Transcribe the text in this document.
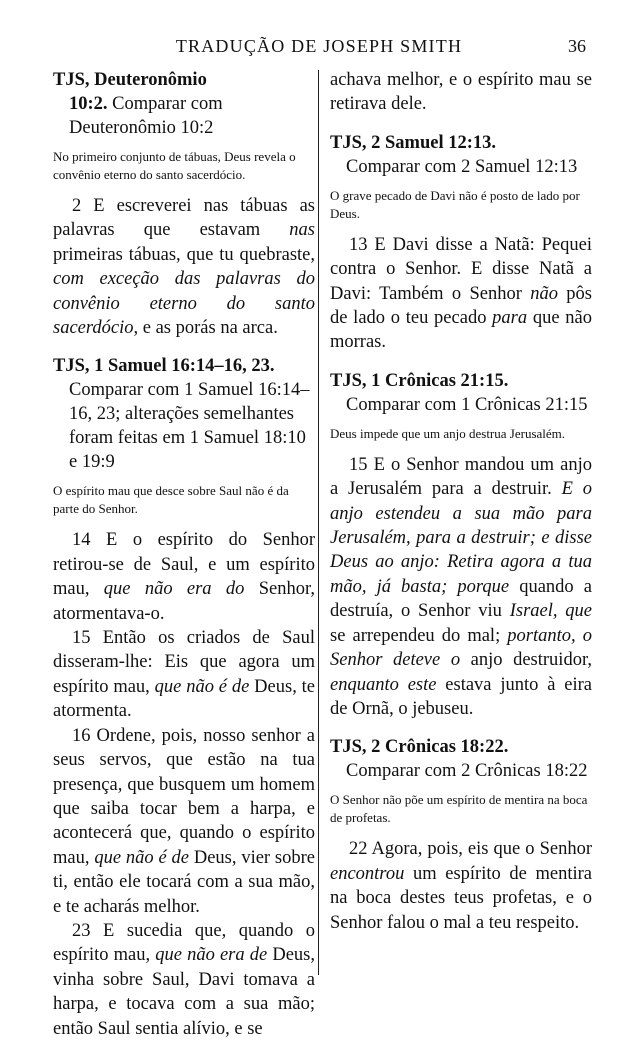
TRADUÇÃO DE JOSEPH SMITH	36
TJS, Deuteronômio
10:2. Comparar com
Deuteronômio 10:2
No primeiro conjunto de tábuas, Deus revela o convênio eterno do santo sacerdócio.

2 E escreverei nas tábuas as palavras que estavam nas primeiras tábuas, que tu quebraste, com exceção das palavras do convênio eterno do santo sacerdócio, e as porás na arca.

TJS, 1 Samuel 16:14–16, 23.
Comparar com 1 Samuel 16:14–16, 23; alterações semelhantes foram feitas em 1 Samuel 18:10 e 19:9
O espírito mau que desce sobre Saul não é da parte do Senhor.

14 E o espírito do Senhor retirou-se de Saul, e um espírito mau, que não era do Senhor, atormentava-o.

15 Então os criados de Saul disseram-lhe: Eis que agora um espírito mau, que não é de Deus, te atormenta.

16 Ordene, pois, nosso senhor a seus servos, que estão na tua presença, que busquem um homem que saiba tocar bem a harpa, e acontecerá que, quando o espírito mau, que não é de Deus, vier sobre ti, então ele tocará com a sua mão, e te acharás melhor.

23 E sucedia que, quando o espírito mau, que não era de Deus, vinha sobre Saul, Davi tomava a harpa, e tocava com a sua mão; então Saul sentia alívio, e se

achava melhor, e o espírito mau se retirava dele.

TJS, 2 Samuel 12:13.
Comparar com 2 Samuel 12:13
O grave pecado de Davi não é posto de lado por Deus.

13 E Davi disse a Natã: Pequei contra o Senhor. E disse Natã a Davi: Também o Senhor não pôs de lado o teu pecado para que não morras.

TJS, 1 Crônicas 21:15.
Comparar com 1 Crônicas 21:15
Deus impede que um anjo destrua Jerusalém.

15 E o Senhor mandou um anjo a Jerusalém para a destruir. E o anjo estendeu a sua mão para Jerusalém, para a destruir; e disse Deus ao anjo: Retira agora a tua mão, já basta; porque quando a destruía, o Senhor viu Israel, que se arrependeu do mal; portanto, o Senhor deteve o anjo destruidor, enquanto este estava junto à eira de Ornã, o jebuseu.

TJS, 2 Crônicas 18:22.
Comparar com 2 Crônicas 18:22
O Senhor não põe um espírito de mentira na boca de profetas.

22 Agora, pois, eis que o Senhor encontrou um espírito de mentira na boca destes teus profetas, e o Senhor falou o mal a teu respeito.
